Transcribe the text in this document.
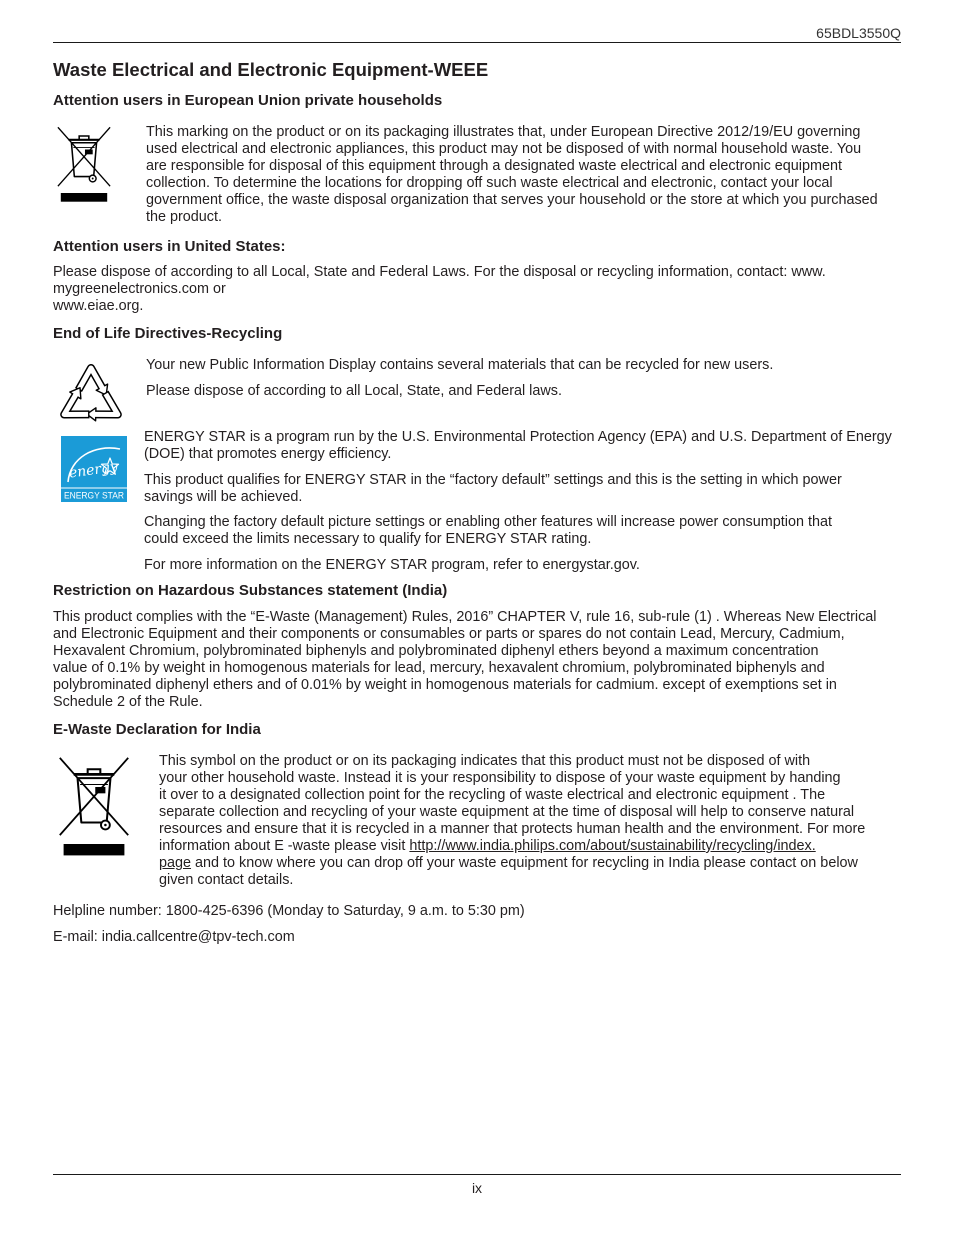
65BDL3550Q
Waste Electrical and Electronic Equipment-WEEE
Attention users in European Union private households
This marking on the product or on its packaging illustrates that, under European Directive 2012/19/EU governing
used electrical and electronic appliances, this product may not be disposed of with normal household waste. You
are responsible for disposal of this equipment through a designated waste electrical and electronic equipment
collection. To determine the locations for dropping off such waste electrical and electronic, contact your local
government office, the waste disposal organization that serves your household or the store at which you purchased
the product.
Attention users in United States:
Please dispose of according to all Local, State and Federal Laws. For the disposal or recycling information, contact: www.
mygreenelectronics.com or
www.eiae.org.
End of Life Directives-Recycling
Your new Public Information Display contains several materials that can be recycled for new users.
Please dispose of according to all Local, State, and Federal laws.
energy
ENERGY STAR
ENERGY STAR is a program run by the U.S. Environmental Protection Agency (EPA) and U.S. Department of Energy
(DOE) that promotes energy efficiency.
This product qualifies for ENERGY STAR in the “factory default” settings and this is the setting in which power
savings will be achieved.
Changing the factory default picture settings or enabling other features will increase power consumption that
could exceed the limits necessary to qualify for ENERGY STAR rating.
For more information on the ENERGY STAR program, refer to energystar.gov.
Restriction on Hazardous Substances statement (India)
This product complies with the “E-Waste (Management) Rules, 2016” CHAPTER V, rule 16, sub-rule (1) . Whereas New Electrical
and Electronic Equipment and their components or consumables or parts or spares do not contain Lead, Mercury, Cadmium,
Hexavalent Chromium, polybrominated biphenyls and polybrominated diphenyl ethers beyond a maximum concentration
value of 0.1% by weight in homogenous materials for lead, mercury, hexavalent chromium, polybrominated biphenyls and
polybrominated diphenyl ethers and of 0.01% by weight in homogenous materials for cadmium. except of exemptions set in
Schedule 2 of the Rule.
E-Waste Declaration for India
This symbol on the product or on its packaging indicates that this product must not be disposed of with
your other household waste. Instead it is your responsibility to dispose of your waste equipment by handing
it over to a designated collection point for the recycling of waste electrical and electronic equipment . The
separate collection and recycling of your waste equipment at the time of disposal will help to conserve natural
resources and ensure that it is recycled in a manner that protects human health and the environment. For more
information about E -waste please visit http://www.india.philips.com/about/sustainability/recycling/index.
page and to know where you can drop off your waste equipment for recycling in India please contact on below
given contact details.
Helpline number: 1800-425-6396 (Monday to Saturday, 9 a.m. to 5:30 pm)
E-mail: india.callcentre@tpv-tech.com
ix
